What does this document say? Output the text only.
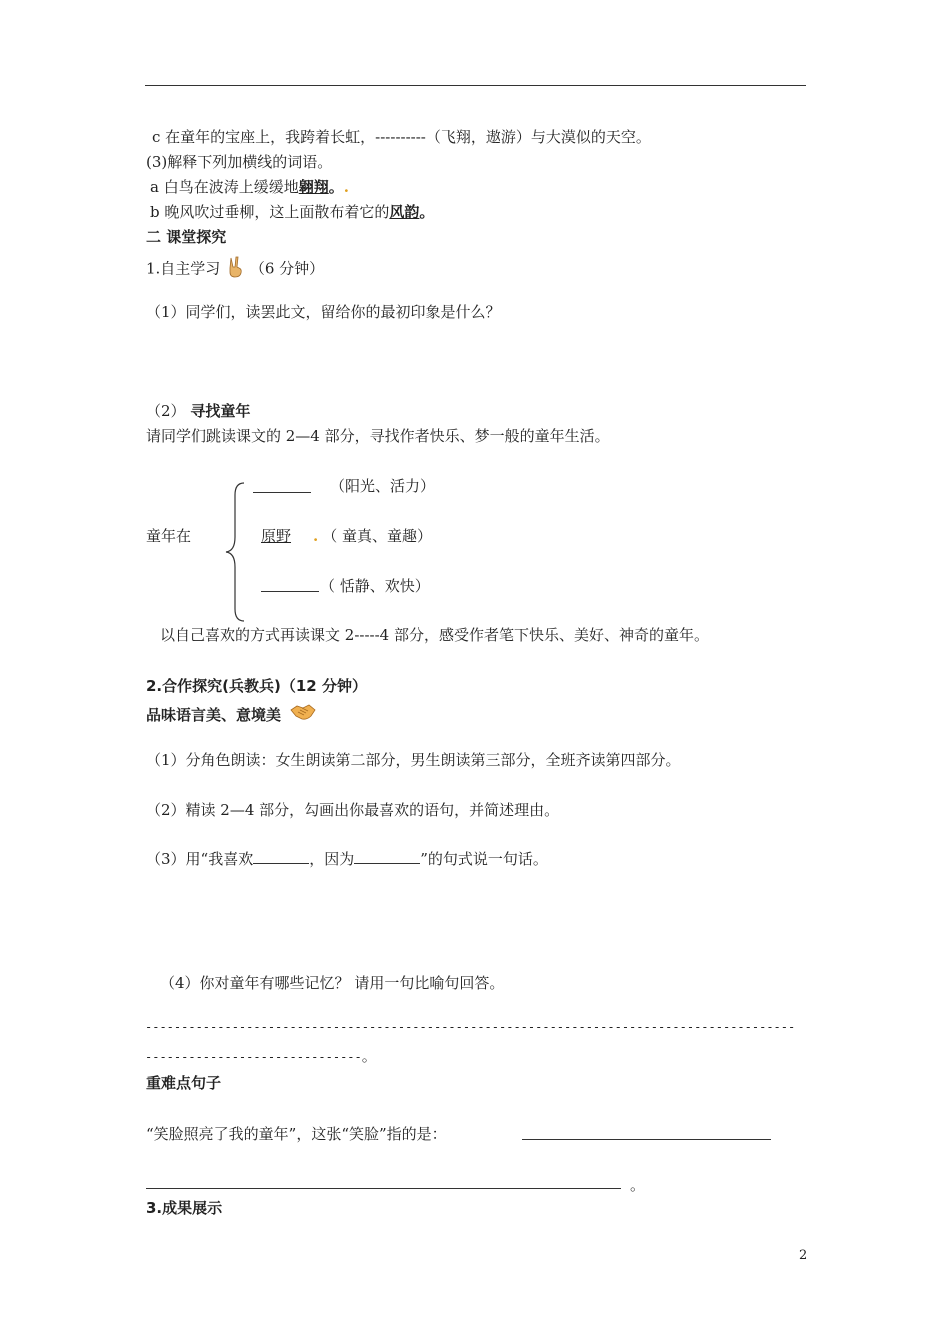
c 在童年的宝座上，我跨着长虹，----------（飞翔，遨游）与大漠似的天空。
(3)解释下列加横线的词语。
a 白鸟在波涛上缓缓地翱翔。.
b 晚风吹过垂柳，这上面散布着它的风韵。
二 课堂探究
1.自主学习 （6 分钟）
（1）同学们，读罢此文，留给你的最初印象是什么？
（2） 寻找童年
请同学们跳读课文的 2—4 部分，寻找作者快乐、梦一般的童年生活。
童年在
（阳光、活力）
原野 . （ 童真、童趣）
（ 恬静、欢快）
以自己喜欢的方式再读课文 2-----4 部分，感受作者笔下快乐、美好、神奇的童年。
2.合作探究(兵教兵)（12 分钟）
品味语言美、意境美
（1）分角色朗读：女生朗读第二部分，男生朗读第三部分，全班齐读第四部分。
（2）精读 2—4 部分，勾画出你最喜欢的语句，并简述理由。
（3）用“我喜欢	，因为	”的句式说一句话。
（4）你对童年有哪些记忆？ 请用一句比喻句回答。
------------------------------------------------------------------------------------------
------------------------------。
重难点句子
“笑脸照亮了我的童年”，这张“笑脸”指的是：
。
3.成果展示
2
